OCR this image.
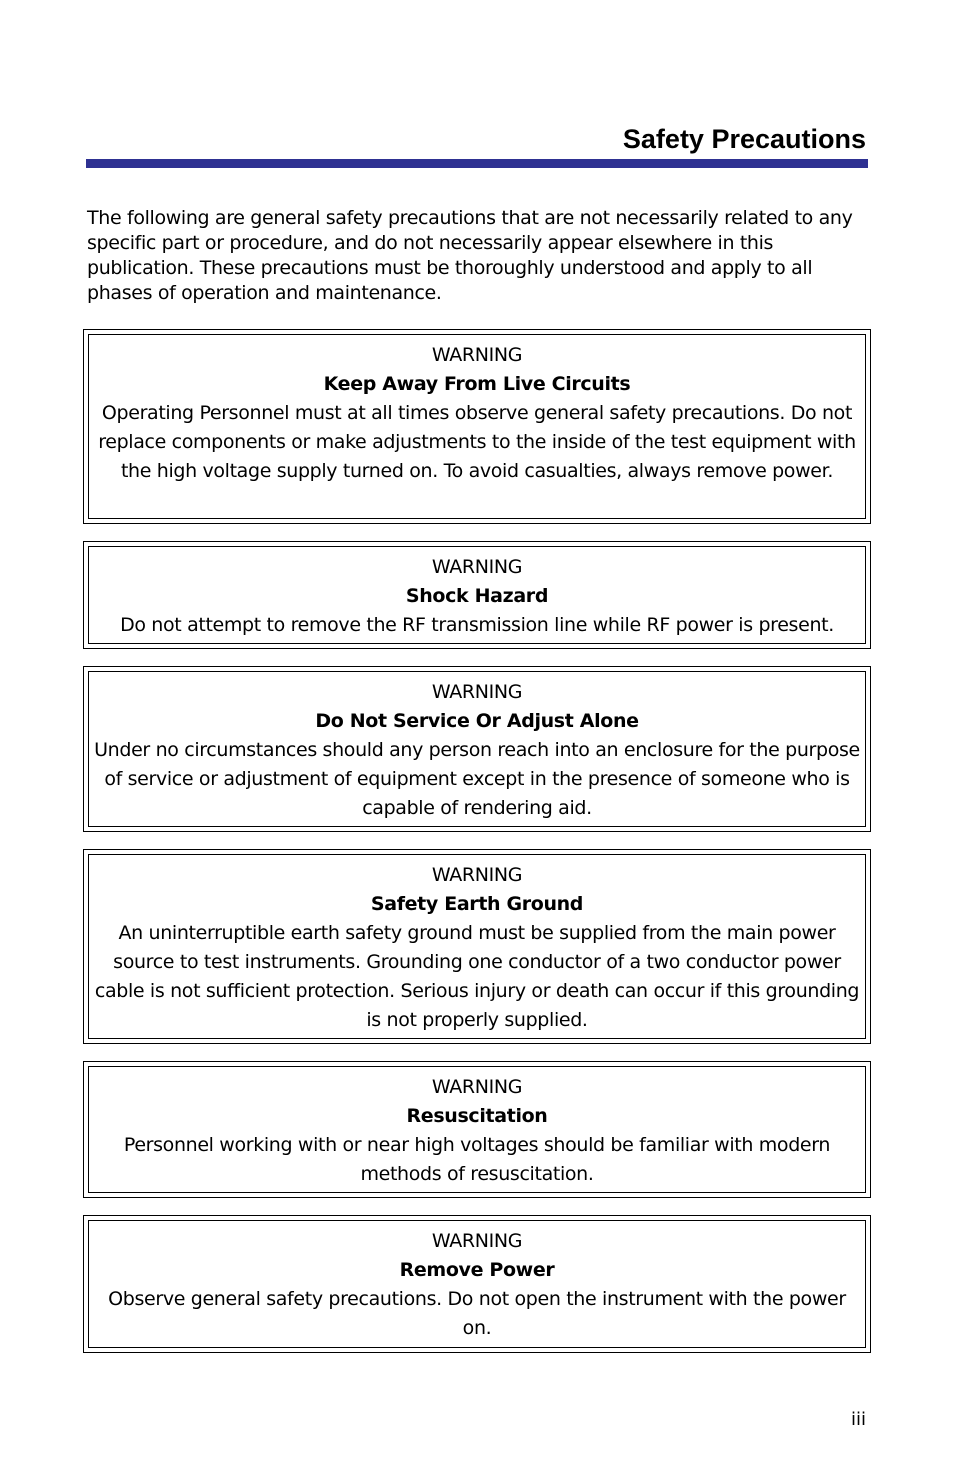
Safety Precautions

The following are general safety precautions that are not necessarily related to any specific part or procedure, and do not necessarily appear elsewhere in this publication. These precautions must be thoroughly understood and apply to all phases of operation and maintenance.

WARNING
Keep Away From Live Circuits
Operating Personnel must at all times observe general safety precautions. Do not replace components or make adjustments to the inside of the test equipment with the high voltage supply turned on. To avoid casualties, always remove power.
WARNING
Shock Hazard
Do not attempt to remove the RF transmission line while RF power is present.
WARNING
Do Not Service Or Adjust Alone
Under no circumstances should any person reach into an enclosure for the purpose of service or adjustment of equipment except in the presence of someone who is capable of rendering aid.
WARNING
Safety Earth Ground
An uninterruptible earth safety ground must be supplied from the main power source to test instruments. Grounding one conductor of a two conductor power cable is not sufficient protection. Serious injury or death can occur if this grounding is not properly supplied.
WARNING
Resuscitation
Personnel working with or near high voltages should be familiar with modern methods of resuscitation.
WARNING
Remove Power
Observe general safety precautions. Do not open the instrument with the power on.

iii
